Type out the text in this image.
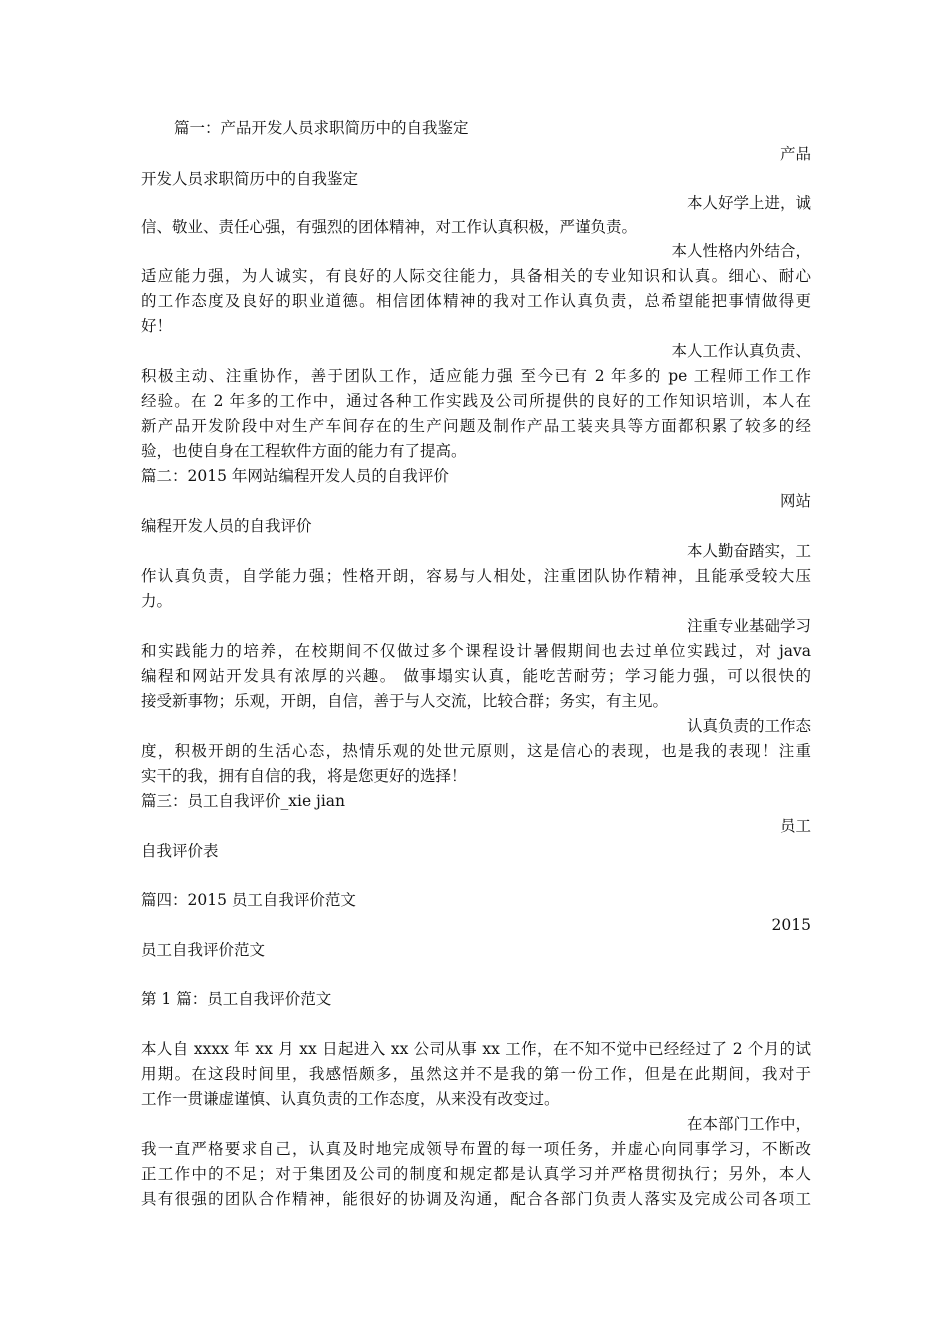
篇一：产品开发人员求职简历中的自我鉴定
产品
开发人员求职简历中的自我鉴定
本人好学上进，诚
信、敬业、责任心强，有强烈的团体精神，对工作认真积极，严谨负责。
本人性格内外结合，
适应能力强，为人诚实，有良好的人际交往能力，具备相关的专业知识和认真。细心、耐心
的工作态度及良好的职业道德。相信团体精神的我对工作认真负责，总希望能把事情做得更
好！
本人工作认真负责、
积极主动、注重协作，善于团队工作，适应能力强 至今已有 2 年多的 pe 工程师工作工作
经验。在 2 年多的工作中，通过各种工作实践及公司所提供的良好的工作知识培训，本人在
新产品开发阶段中对生产车间存在的生产问题及制作产品工装夹具等方面都积累了较多的经
验，也使自身在工程软件方面的能力有了提高。
篇二：2015 年网站编程开发人员的自我评价
网站
编程开发人员的自我评价
本人勤奋踏实，工
作认真负责，自学能力强；性格开朗，容易与人相处，注重团队协作精神，且能承受较大压
力。
注重专业基础学习
和实践能力的培养，在校期间不仅做过多个课程设计暑假期间也去过单位实践过，对 java
编程和网站开发具有浓厚的兴趣。 做事塌实认真，能吃苦耐劳；学习能力强，可以很快的
接受新事物；乐观，开朗，自信，善于与人交流，比较合群；务实，有主见。
认真负责的工作态
度，积极开朗的生活心态，热情乐观的处世元原则，这是信心的表现，也是我的表现！注重
实干的我，拥有自信的我，将是您更好的选择！
篇三：员工自我评价_xie jian
员工
自我评价表
篇四：2015 员工自我评价范文
2015
员工自我评价范文
第 1 篇：员工自我评价范文
本人自 xxxx 年 xx 月 xx 日起进入 xx 公司从事 xx 工作，在不知不觉中已经经过了 2 个月的试
用期。在这段时间里，我感悟颇多，虽然这并不是我的第一份工作，但是在此期间，我对于
工作一贯谦虚谨慎、认真负责的工作态度，从来没有改变过。
在本部门工作中，
我一直严格要求自己，认真及时地完成领导布置的每一项任务，并虚心向同事学习，不断改
正工作中的不足；对于集团及公司的制度和规定都是认真学习并严格贯彻执行；另外，本人
具有很强的团队合作精神，能很好的协调及沟通，配合各部门负责人落实及完成公司各项工
